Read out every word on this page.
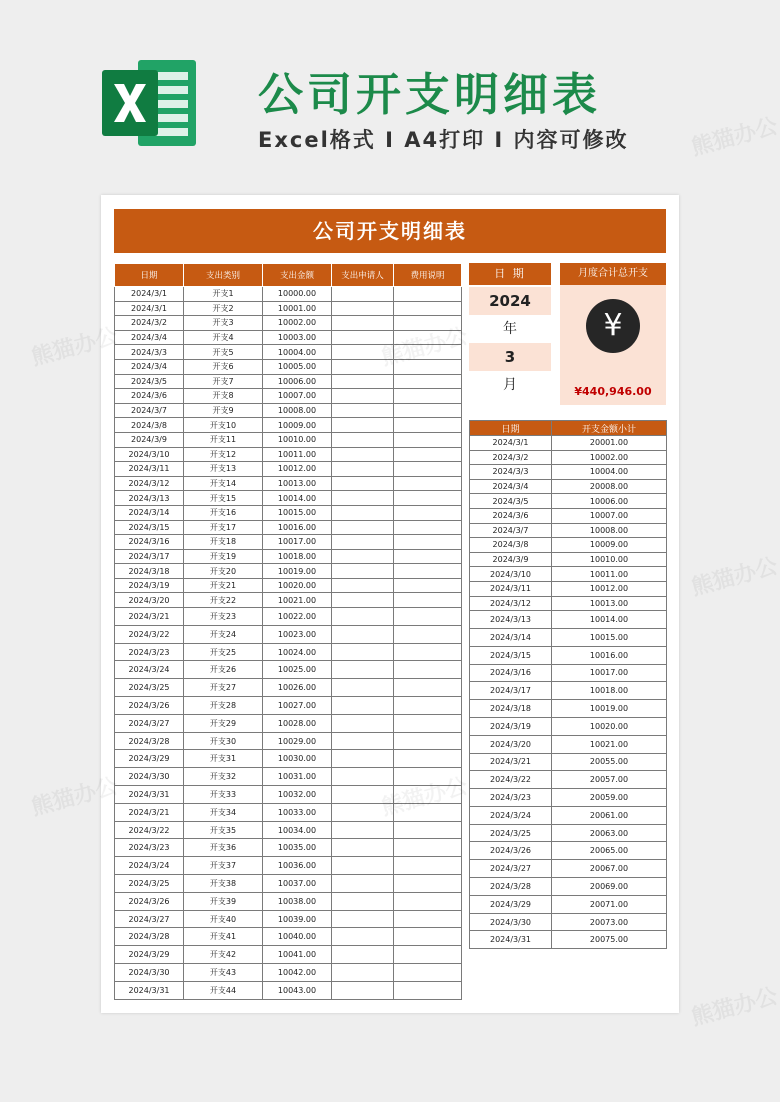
公司开支明细表
Excel格式 I A4打印 I 内容可修改
公司开支明细表
日期	支出类别	支出金额	支出申请人	费用说明
2024/3/1	开支1	10000.00		
2024/3/1	开支2	10001.00		
2024/3/2	开支3	10002.00		
2024/3/4	开支4	10003.00		
2024/3/3	开支5	10004.00		
2024/3/4	开支6	10005.00		
2024/3/5	开支7	10006.00		
2024/3/6	开支8	10007.00		
2024/3/7	开支9	10008.00		
2024/3/8	开支10	10009.00		
2024/3/9	开支11	10010.00		
2024/3/10	开支12	10011.00		
2024/3/11	开支13	10012.00		
2024/3/12	开支14	10013.00		
2024/3/13	开支15	10014.00		
2024/3/14	开支16	10015.00		
2024/3/15	开支17	10016.00		
2024/3/16	开支18	10017.00		
2024/3/17	开支19	10018.00		
2024/3/18	开支20	10019.00		
2024/3/19	开支21	10020.00		
2024/3/20	开支22	10021.00		
2024/3/21	开支23	10022.00		
2024/3/22	开支24	10023.00		
2024/3/23	开支25	10024.00		
2024/3/24	开支26	10025.00		
2024/3/25	开支27	10026.00		
2024/3/26	开支28	10027.00		
2024/3/27	开支29	10028.00		
2024/3/28	开支30	10029.00		
2024/3/29	开支31	10030.00		
2024/3/30	开支32	10031.00		
2024/3/31	开支33	10032.00		
2024/3/21	开支34	10033.00		
2024/3/22	开支35	10034.00		
2024/3/23	开支36	10035.00		
2024/3/24	开支37	10036.00		
2024/3/25	开支38	10037.00		
2024/3/26	开支39	10038.00		
2024/3/27	开支40	10039.00		
2024/3/28	开支41	10040.00		
2024/3/29	开支42	10041.00		
2024/3/30	开支43	10042.00		
2024/3/31	开支44	10043.00		
日 期
2024
年
3
月
月度合计总开支
¥
¥440,946.00
日期	开支金额小计
2024/3/1	20001.00
2024/3/2	10002.00
2024/3/3	10004.00
2024/3/4	20008.00
2024/3/5	10006.00
2024/3/6	10007.00
2024/3/7	10008.00
2024/3/8	10009.00
2024/3/9	10010.00
2024/3/10	10011.00
2024/3/11	10012.00
2024/3/12	10013.00
2024/3/13	10014.00
2024/3/14	10015.00
2024/3/15	10016.00
2024/3/16	10017.00
2024/3/17	10018.00
2024/3/18	10019.00
2024/3/19	10020.00
2024/3/20	10021.00
2024/3/21	20055.00
2024/3/22	20057.00
2024/3/23	20059.00
2024/3/24	20061.00
2024/3/25	20063.00
2024/3/26	20065.00
2024/3/27	20067.00
2024/3/28	20069.00
2024/3/29	20071.00
2024/3/30	20073.00
2024/3/31	20075.00
熊猫办公
熊猫办公
熊猫办公
熊猫办公
熊猫办公
